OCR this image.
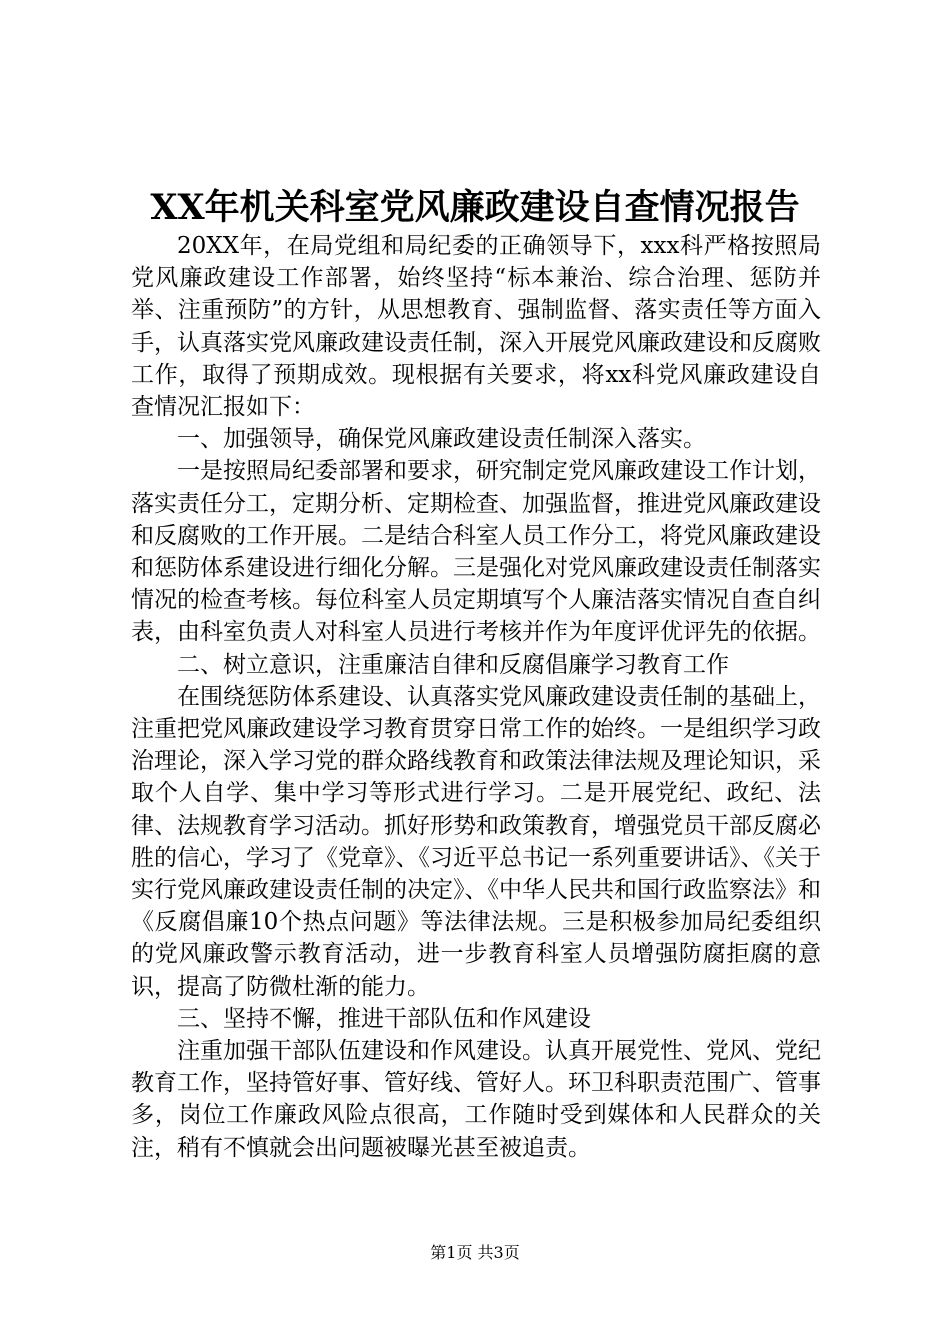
XX年机关科室党风廉政建设自查情况报告

20XX年，在局党组和局纪委的正确领导下，xxx科严格按照局党风廉政建设工作部署，始终坚持“标本兼治、综合治理、惩防并举、注重预防”的方针，从思想教育、强制监督、落实责任等方面入手，认真落实党风廉政建设责任制，深入开展党风廉政建设和反腐败工作，取得了预期成效。现根据有关要求，将xx科党风廉政建设自查情况汇报如下：

一、加强领导，确保党风廉政建设责任制深入落实。

一是按照局纪委部署和要求，研究制定党风廉政建设工作计划，落实责任分工，定期分析、定期检查、加强监督，推进党风廉政建设和反腐败的工作开展。二是结合科室人员工作分工，将党风廉政建设和惩防体系建设进行细化分解。三是强化对党风廉政建设责任制落实情况的检查考核。每位科室人员定期填写个人廉洁落实情况自查自纠表，由科室负责人对科室人员进行考核并作为年度评优评先的依据。

二、树立意识，注重廉洁自律和反腐倡廉学习教育工作

在围绕惩防体系建设、认真落实党风廉政建设责任制的基础上，注重把党风廉政建设学习教育贯穿日常工作的始终。一是组织学习政治理论，深入学习党的群众路线教育和政策法律法规及理论知识，采取个人自学、集中学习等形式进行学习。二是开展党纪、政纪、法律、法规教育学习活动。抓好形势和政策教育，增强党员干部反腐必胜的信心，学习了《党章》、《习近平总书记一系列重要讲话》、《关于实行党风廉政建设责任制的决定》、《中华人民共和国行政监察法》和《反腐倡廉10个热点问题》等法律法规。三是积极参加局纪委组织的党风廉政警示教育活动，进一步教育科室人员增强防腐拒腐的意识，提高了防微杜渐的能力。

三、坚持不懈，推进干部队伍和作风建设

注重加强干部队伍建设和作风建设。认真开展党性、党风、党纪教育工作，坚持管好事、管好线、管好人。环卫科职责范围广、管事多，岗位工作廉政风险点很高，工作随时受到媒体和人民群众的关注，稍有不慎就会出问题被曝光甚至被追责。

第1页 共3页
